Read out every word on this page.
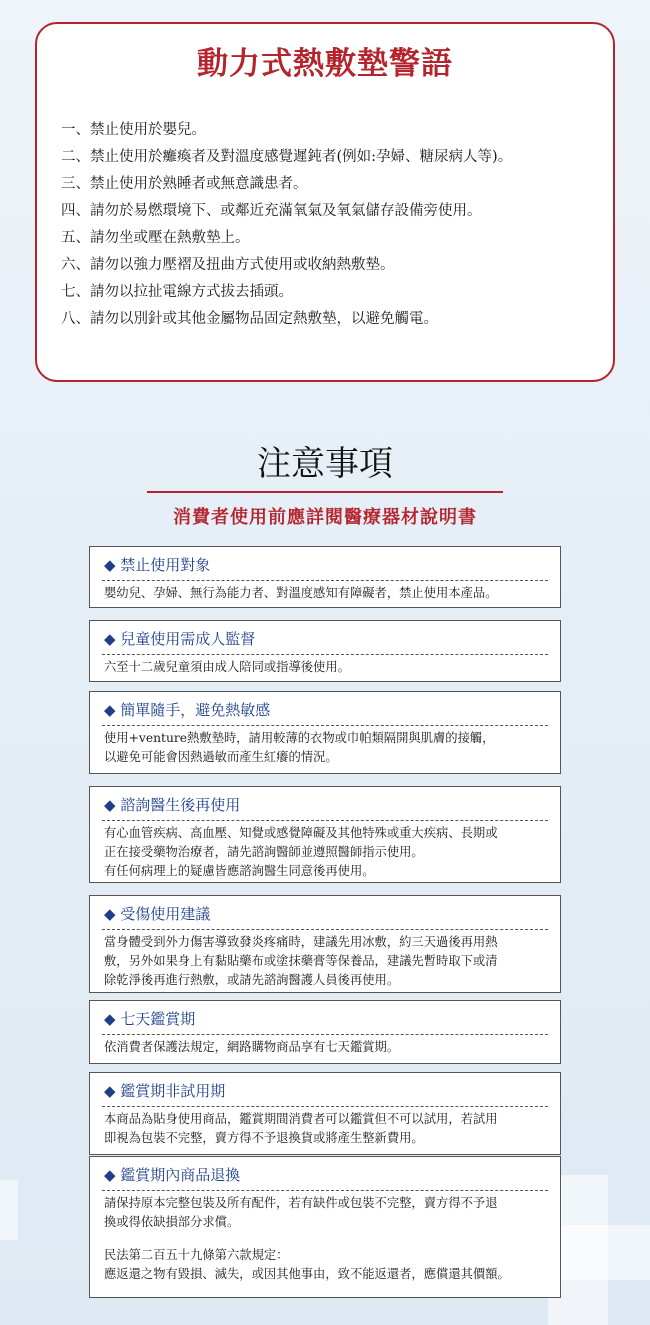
動力式熱敷墊警語
一、禁止使用於嬰兒。
二、禁止使用於癱瘓者及對溫度感覺遲鈍者(例如:孕婦、糖尿病人等)。
三、禁止使用於熟睡者或無意識患者。
四、請勿於易燃環境下、或鄰近充滿氧氣及氧氣儲存設備旁使用。
五、請勿坐或壓在熱敷墊上。
六、請勿以強力壓褶及扭曲方式使用或收納熱敷墊。
七、請勿以拉扯電線方式拔去插頭。
八、請勿以別針或其他金屬物品固定熱敷墊，以避免觸電。
注意事項
消費者使用前應詳閱醫療器材說明書
◆ 禁止使用對象

嬰幼兒、孕婦、無行為能力者、對溫度感知有障礙者，禁止使用本產品。

◆ 兒童使用需成人監督

六至十二歲兒童須由成人陪同或指導後使用。

◆ 簡單隨手，避免熱敏感

使用+venture熱敷墊時，請用較薄的衣物或巾帕類隔開與肌膚的接觸，

以避免可能會因熱過敏而產生紅癢的情況。

◆ 諮詢醫生後再使用

有心血管疾病、高血壓、知覺或感覺障礙及其他特殊或重大疾病、長期或

正在接受藥物治療者，請先諮詢醫師並遵照醫師指示使用。

有任何病理上的疑慮皆應諮詢醫生同意後再使用。

◆ 受傷使用建議

當身體受到外力傷害導致發炎疼痛時，建議先用冰敷，約三天過後再用熱

敷，另外如果身上有黏貼藥布或塗抹藥膏等保養品，建議先暫時取下或清

除乾淨後再進行熱敷，或請先諮詢醫護人員後再使用。

◆ 七天鑑賞期

依消費者保護法規定，網路購物商品享有七天鑑賞期。

◆ 鑑賞期非試用期

本商品為貼身使用商品，鑑賞期間消費者可以鑑賞但不可以試用，若試用

即視為包裝不完整，賣方得不予退換貨或將產生整新費用。

◆ 鑑賞期內商品退換

請保持原本完整包裝及所有配件，若有缺件或包裝不完整，賣方得不予退

換或得依缺損部分求償。

民法第二百五十九條第六款規定：

應返還之物有毀損、滅失，或因其他事由，致不能返還者，應償還其價額。
